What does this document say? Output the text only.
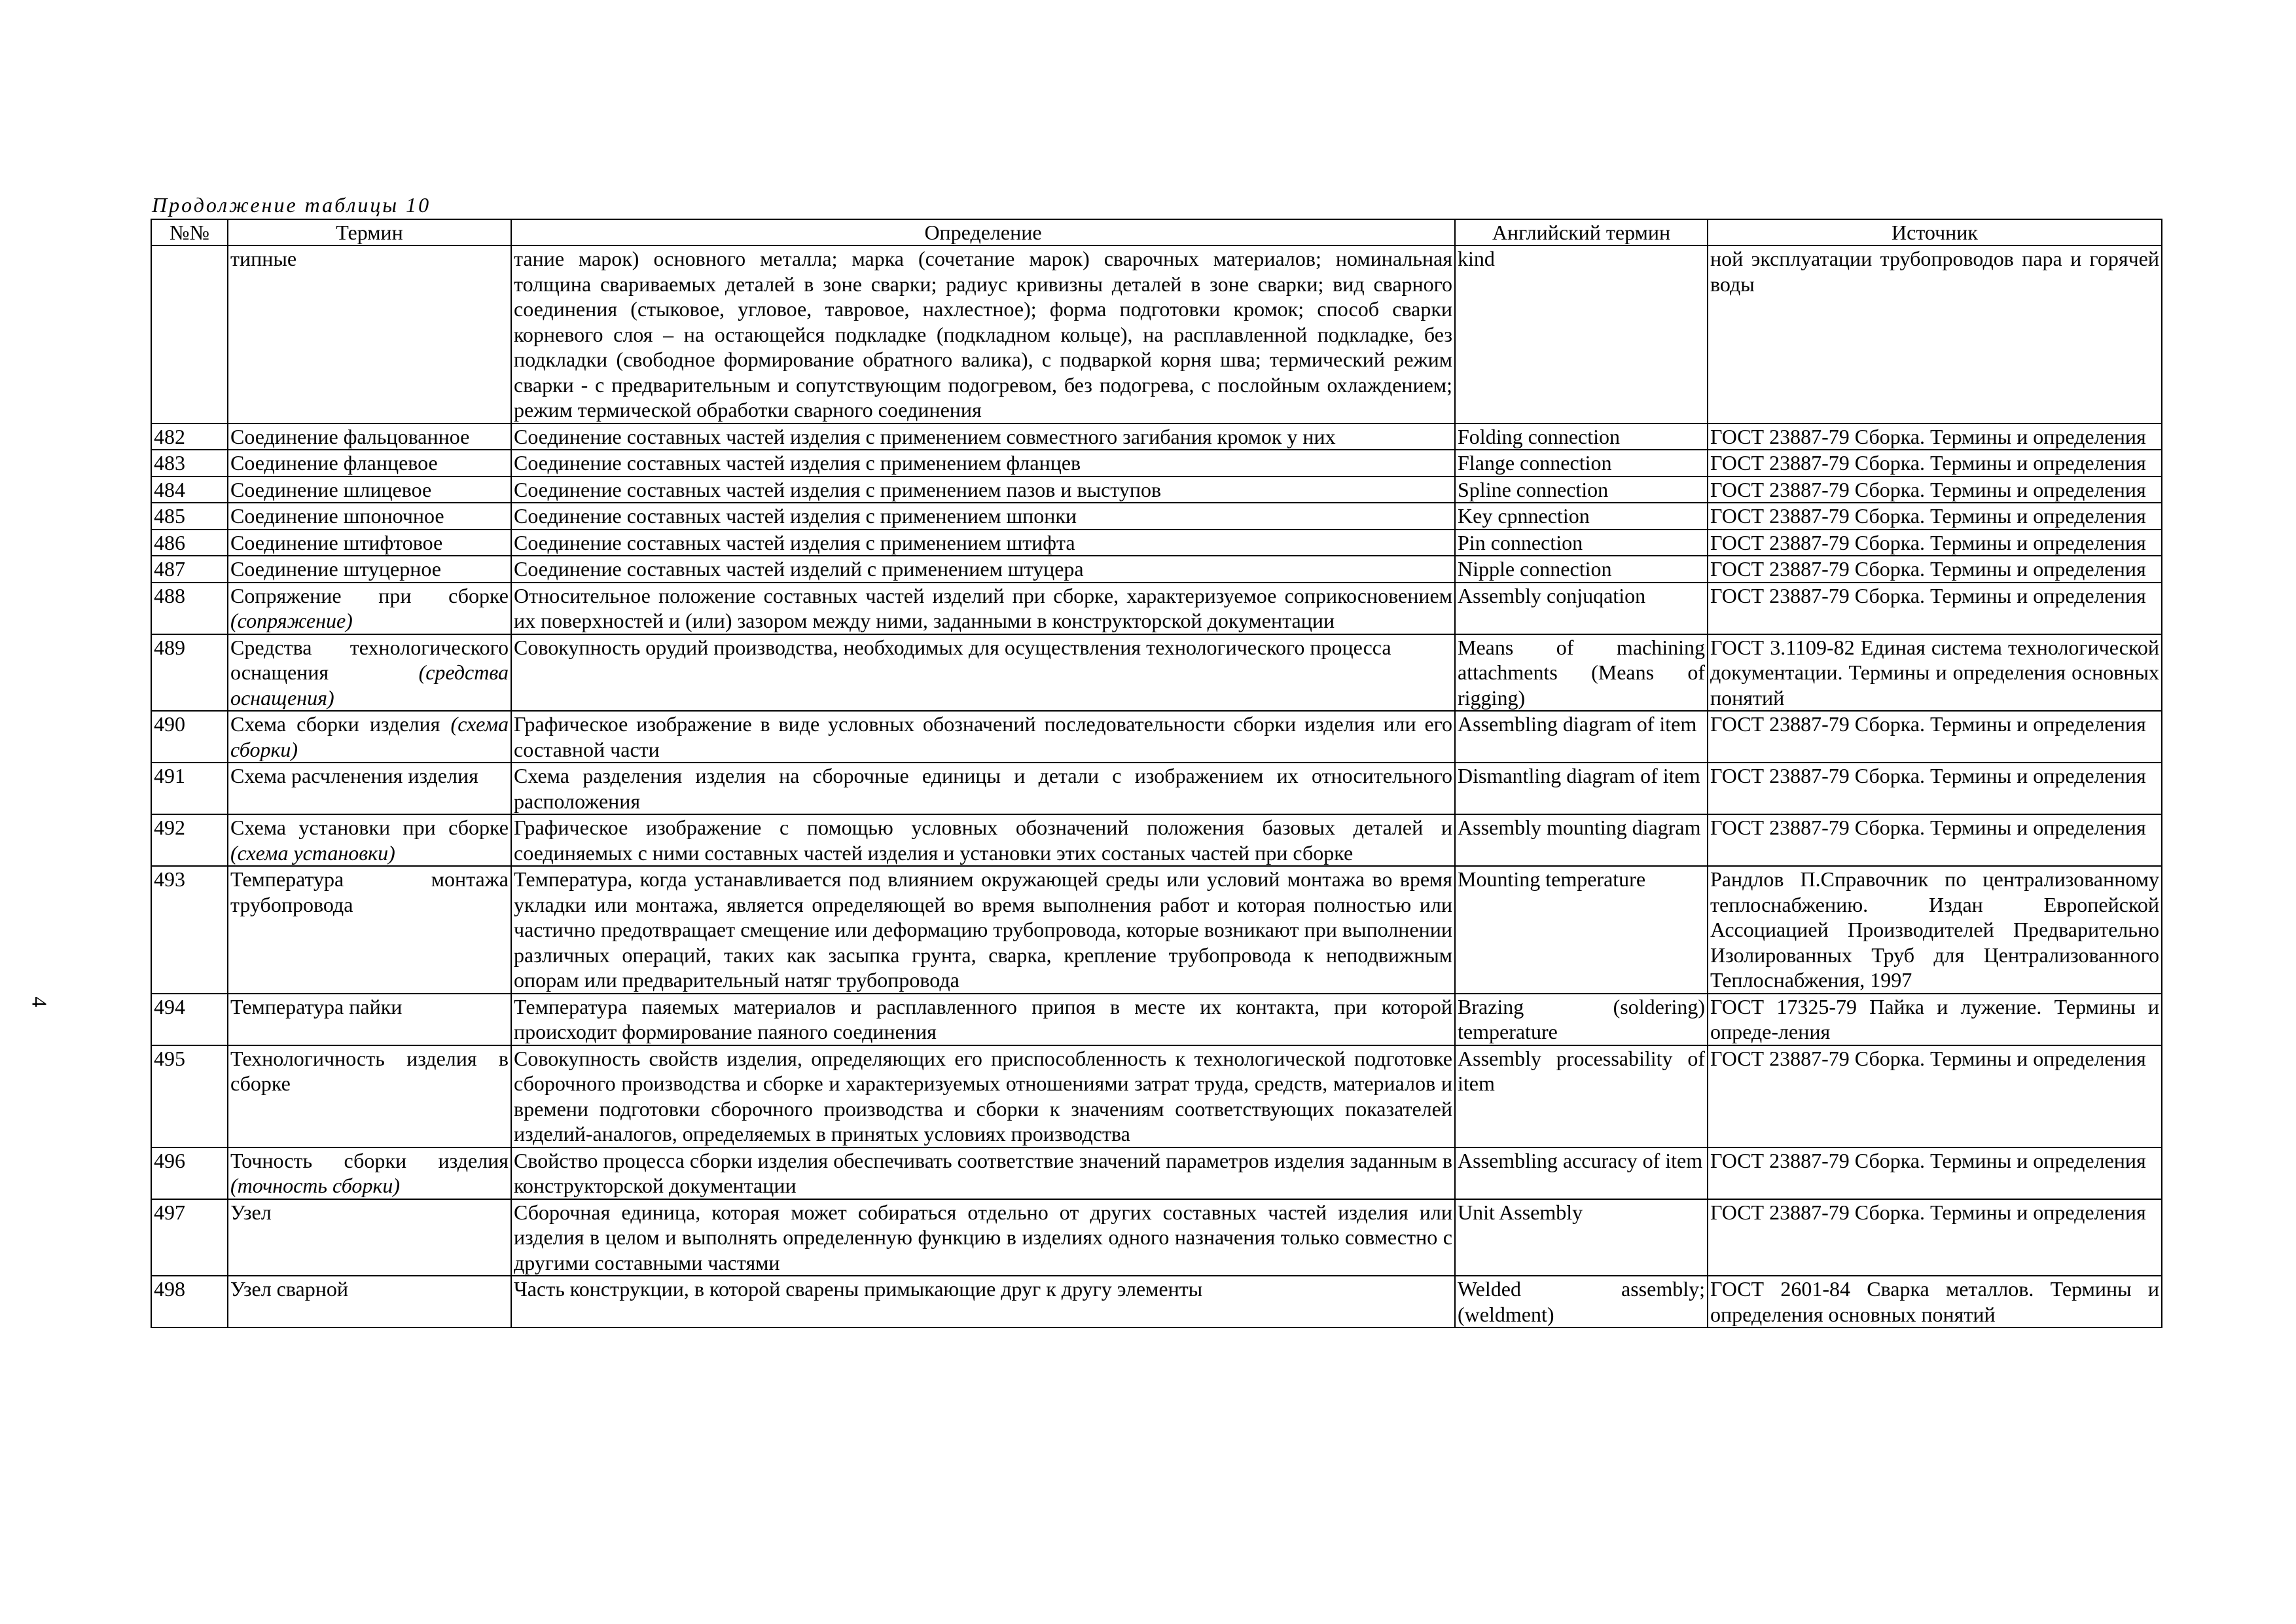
Продолжение таблицы 10
4
№№	Термин	Определение	Английский термин	Источник
	типные	тание марок) основного металла; марка (сочетание марок) сварочных материалов; номинальная толщина свариваемых деталей в зоне сварки; радиус кривизны деталей в зоне сварки; вид сварного соединения (стыковое, угловое, тавровое, нахлестное); форма подготовки кромок; способ сварки корневого слоя – на остающейся подкладке (подкладном кольце), на расплавленной подкладке, без подкладки (свободное формирование обратного валика), с подваркой корня шва; термический режим сварки - с предварительным и сопутствующим подогревом, без подогрева, с послойным охлаждением; режим термической обработки сварного соединения	kind	ной эксплуатации трубопроводов пара и горячей воды
482	Соединение фальцованное	Соединение составных частей изделия с применением совместного загибания кромок у них	Folding connection	ГОСТ 23887-79 Сборка. Термины и определения
483	Соединение фланцевое	Соединение составных частей изделия с применением фланцев	Flange connection	ГОСТ 23887-79 Сборка. Термины и определения
484	Соединение шлицевое	Соединение составных частей изделия с применением пазов и выступов	Spline connection	ГОСТ 23887-79 Сборка. Термины и определения
485	Соединение шпоночное	Соединение составных частей изделия с применением шпонки	Key cpnnection	ГОСТ 23887-79 Сборка. Термины и определения
486	Соединение штифтовое	Соединение составных частей изделия с применением штифта	Pin connection	ГОСТ 23887-79 Сборка. Термины и определения
487	Соединение штуцерное	Соединение составных частей изделий с применением штуцера	Nipple connection	ГОСТ 23887-79 Сборка. Термины и определения
488	Сопряжение при сборке (сопряжение)	Относительное положение составных частей изделий при сборке, характеризуемое соприкосновением их поверхностей и (или) зазором между ними, заданными в конструкторской документации	Assembly conjuqation	ГОСТ 23887-79 Сборка. Термины и определения
489	Средства технологического оснащения (средства оснащения)	Совокупность орудий производства, необходимых для осуществления технологического процесса	Means of machining attachments (Means of rigging)	ГОСТ 3.1109-82 Единая система технологической документации. Термины и определения основных понятий
490	Схема сборки изделия (схема сборки)	Графическое изображение в виде условных обозначений последовательности сборки изделия или его составной части	Assembling diagram of item	ГОСТ 23887-79 Сборка. Термины и определения
491	Схема расчленения изделия	Схема разделения изделия на сборочные единицы и детали с изображением их относительного расположения	Dismantling diagram of item	ГОСТ 23887-79 Сборка. Термины и определения
492	Схема установки при сборке (схема установки)	Графическое изображение с помощью условных обозначений положения базовых деталей и соединяемых с ними составных частей изделия и установки этих состаных частей при сборке	Assembly mounting diagram	ГОСТ 23887-79 Сборка. Термины и определения
493	Температура монтажа трубопровода	Температура, когда устанавливается под влиянием окружающей среды или условий монтажа во время укладки или монтажа, является определяющей во время выполнения работ и которая полностью или частично предотвращает смещение или деформацию трубопровода, которые возникают при выполнении различных операций, таких как засыпка грунта, сварка, крепление трубопровода к неподвижным опорам или предварительный натяг трубопровода	Mounting temperature	Рандлов П.Справочник по централизованному теплоснабжению. Издан Европейской Ассоциацией Производителей Предварительно Изолированных Труб для Централизованного Теплоснабжения, 1997
494	Температура пайки	Температура паяемых материалов и расплавленного припоя в месте их контакта, при которой происходит формирование паяного соединения	Brazing (soldering) temperature	ГОСТ 17325-79 Пайка и лужение. Термины и опреде-ления
495	Технологичность изделия в сборке	Совокупность свойств изделия, определяющих его приспособленность к технологической подготовке сборочного производства и сборке и характеризуемых отношениями затрат труда, средств, материалов и времени подготовки сборочного производства и сборки к значениям соответствующих показателей изделий-аналогов, определяемых в принятых условиях производства	Assembly processability of item	ГОСТ 23887-79 Сборка. Термины и определения
496	Точность сборки изделия (точность сборки)	Свойство процесса сборки изделия обеспечивать соответствие значений параметров изделия заданным в конструкторской документации	Assembling accuracy of item	ГОСТ 23887-79 Сборка. Термины и определения
497	Узел	Сборочная единица, которая может собираться отдельно от других составных частей изделия или изделия в целом и выполнять определенную функцию в изделиях одного назначения только совместно с другими составными частями	Unit Assembly	ГОСТ 23887-79 Сборка. Термины и определения
498	Узел сварной	Часть конструкции, в которой сварены примыкающие друг к другу элементы	Welded assembly; (weldment)	ГОСТ 2601-84 Сварка металлов. Термины и определения основных понятий
